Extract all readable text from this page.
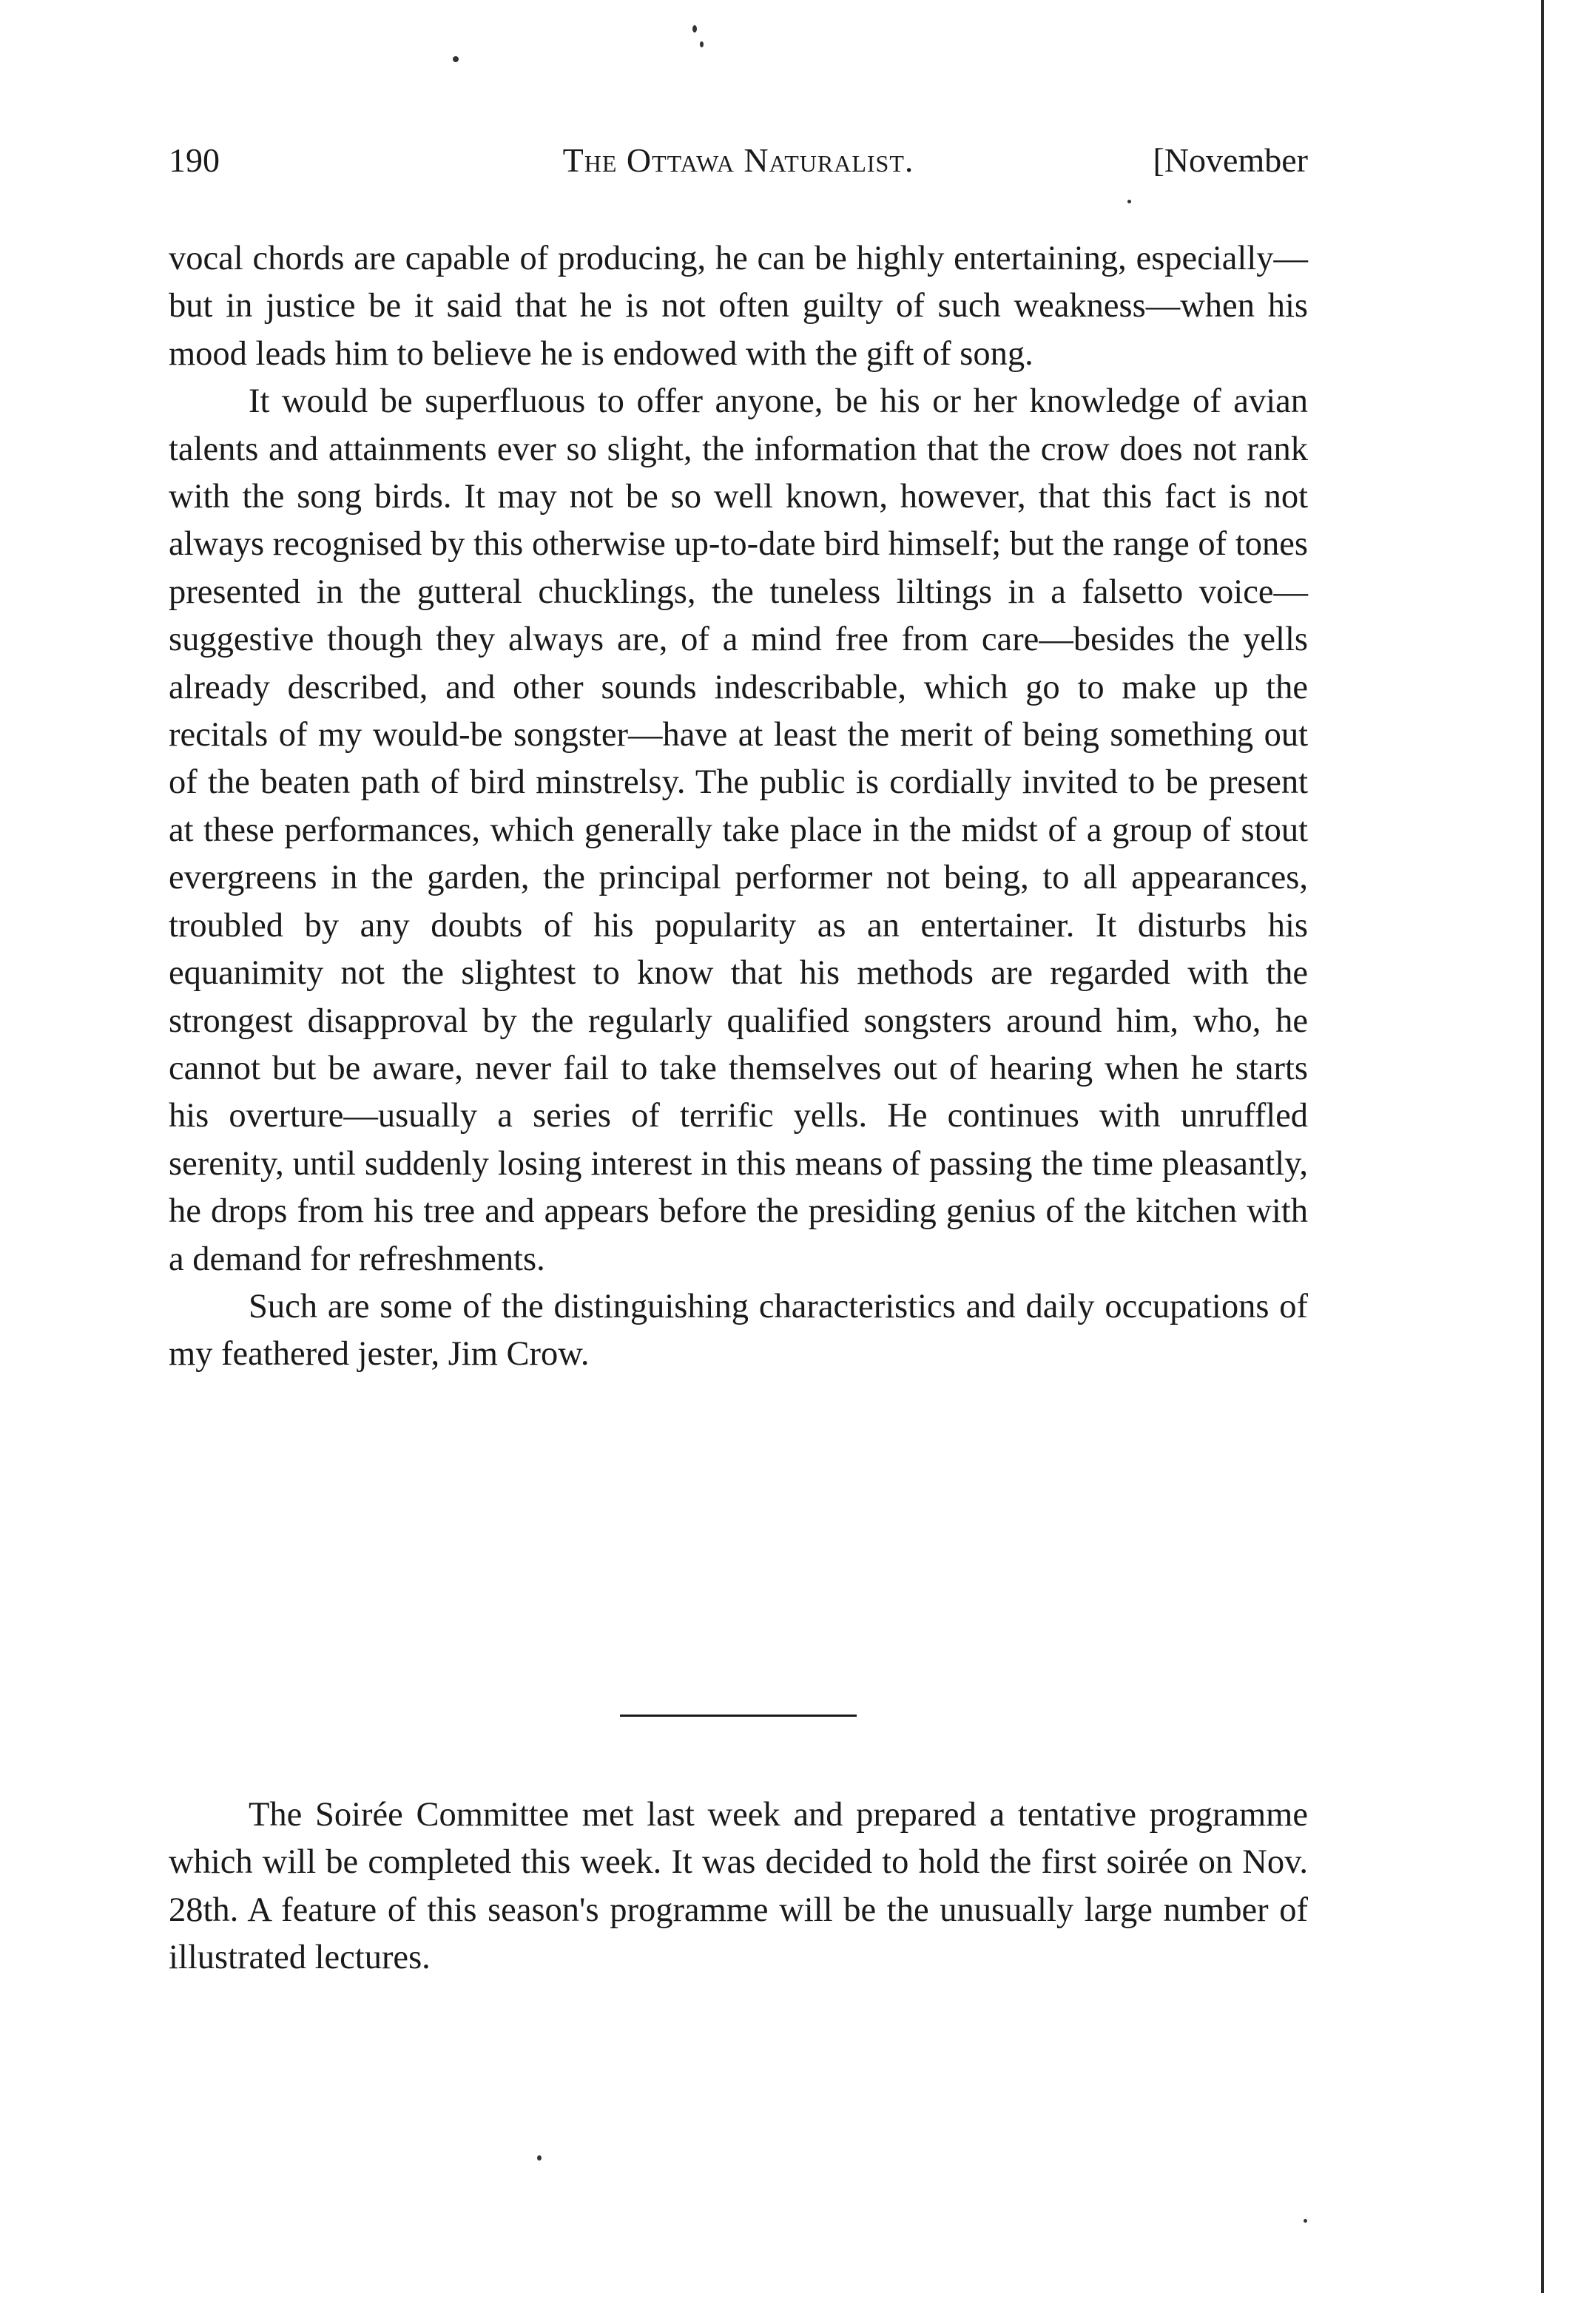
190	The Ottawa Naturalist.	[November

vocal chords are capable of producing, he can be highly entertaining, especially—but in justice be it said that he is not often guilty of such weakness—when his mood leads him to believe he is endowed with the gift of song.

It would be superfluous to offer anyone, be his or her knowledge of avian talents and attainments ever so slight, the information that the crow does not rank with the song birds. It may not be so well known, however, that this fact is not always recognised by this otherwise up-to-date bird himself; but the range of tones presented in the gutteral chucklings, the tuneless liltings in a falsetto voice—suggestive though they always are, of a mind free from care—besides the yells already described, and other sounds indescribable, which go to make up the recitals of my would-be songster—have at least the merit of being something out of the beaten path of bird minstrelsy. The public is cordially invited to be present at these performances, which generally take place in the midst of a group of stout evergreens in the garden, the principal performer not being, to all appearances, troubled by any doubts of his popularity as an entertainer. It disturbs his equanimity not the slightest to know that his methods are regarded with the strongest disapproval by the regularly qualified songsters around him, who, he cannot but be aware, never fail to take themselves out of hearing when he starts his overture—usually a series of terrific yells. He continues with unruffled serenity, until suddenly losing interest in this means of passing the time pleasantly, he drops from his tree and appears before the presiding genius of the kitchen with a demand for refreshments.

Such are some of the distinguishing characteristics and daily occupations of my feathered jester, Jim Crow.

The Soirée Committee met last week and prepared a tentative programme which will be completed this week. It was decided to hold the first soirée on Nov. 28th. A feature of this season's programme will be the unusually large number of illustrated lectures.
